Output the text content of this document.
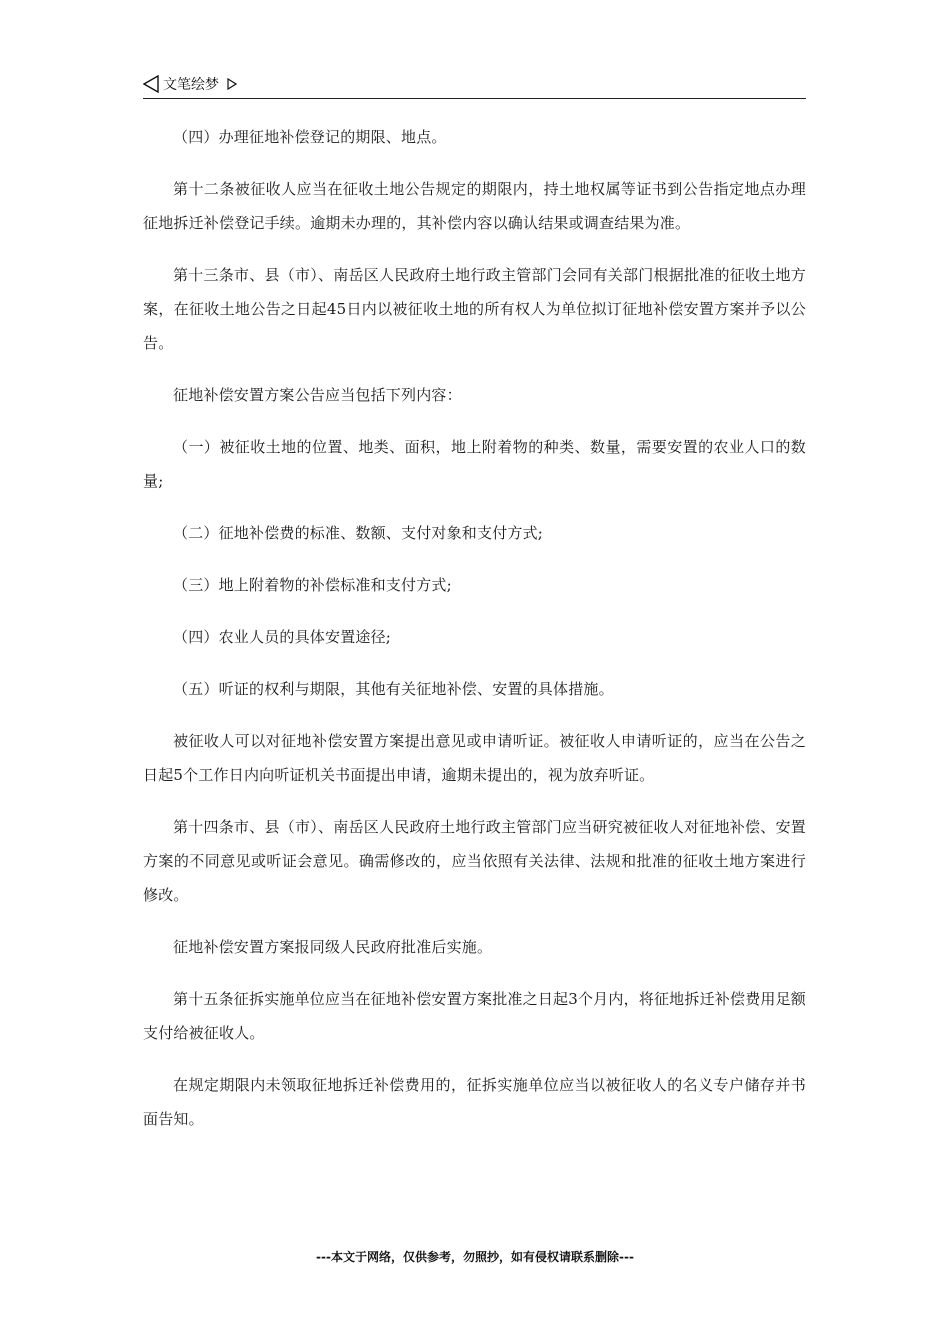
文笔绘梦

（四）办理征地补偿登记的期限、地点。

第十二条被征收人应当在征收土地公告规定的期限内，持土地权属等证书到公告指定地点办理征地拆迁补偿登记手续。逾期未办理的，其补偿内容以确认结果或调查结果为准。

第十三条市、县（市）、南岳区人民政府土地行政主管部门会同有关部门根据批准的征收土地方案，在征收土地公告之日起45日内以被征收土地的所有权人为单位拟订征地补偿安置方案并予以公告。

征地补偿安置方案公告应当包括下列内容：

（一）被征收土地的位置、地类、面积，地上附着物的种类、数量，需要安置的农业人口的数量;

（二）征地补偿费的标准、数额、支付对象和支付方式;

（三）地上附着物的补偿标准和支付方式;

（四）农业人员的具体安置途径;

（五）听证的权利与期限，其他有关征地补偿、安置的具体措施。

被征收人可以对征地补偿安置方案提出意见或申请听证。被征收人申请听证的，应当在公告之日起5个工作日内向听证机关书面提出申请，逾期未提出的，视为放弃听证。

第十四条市、县（市）、南岳区人民政府土地行政主管部门应当研究被征收人对征地补偿、安置方案的不同意见或听证会意见。确需修改的，应当依照有关法律、法规和批准的征收土地方案进行修改。

征地补偿安置方案报同级人民政府批准后实施。

第十五条征拆实施单位应当在征地补偿安置方案批准之日起3个月内，将征地拆迁补偿费用足额支付给被征收人。

在规定期限内未领取征地拆迁补偿费用的，征拆实施单位应当以被征收人的名义专户储存并书面告知。

---本文于网络，仅供参考，勿照抄，如有侵权请联系删除---
